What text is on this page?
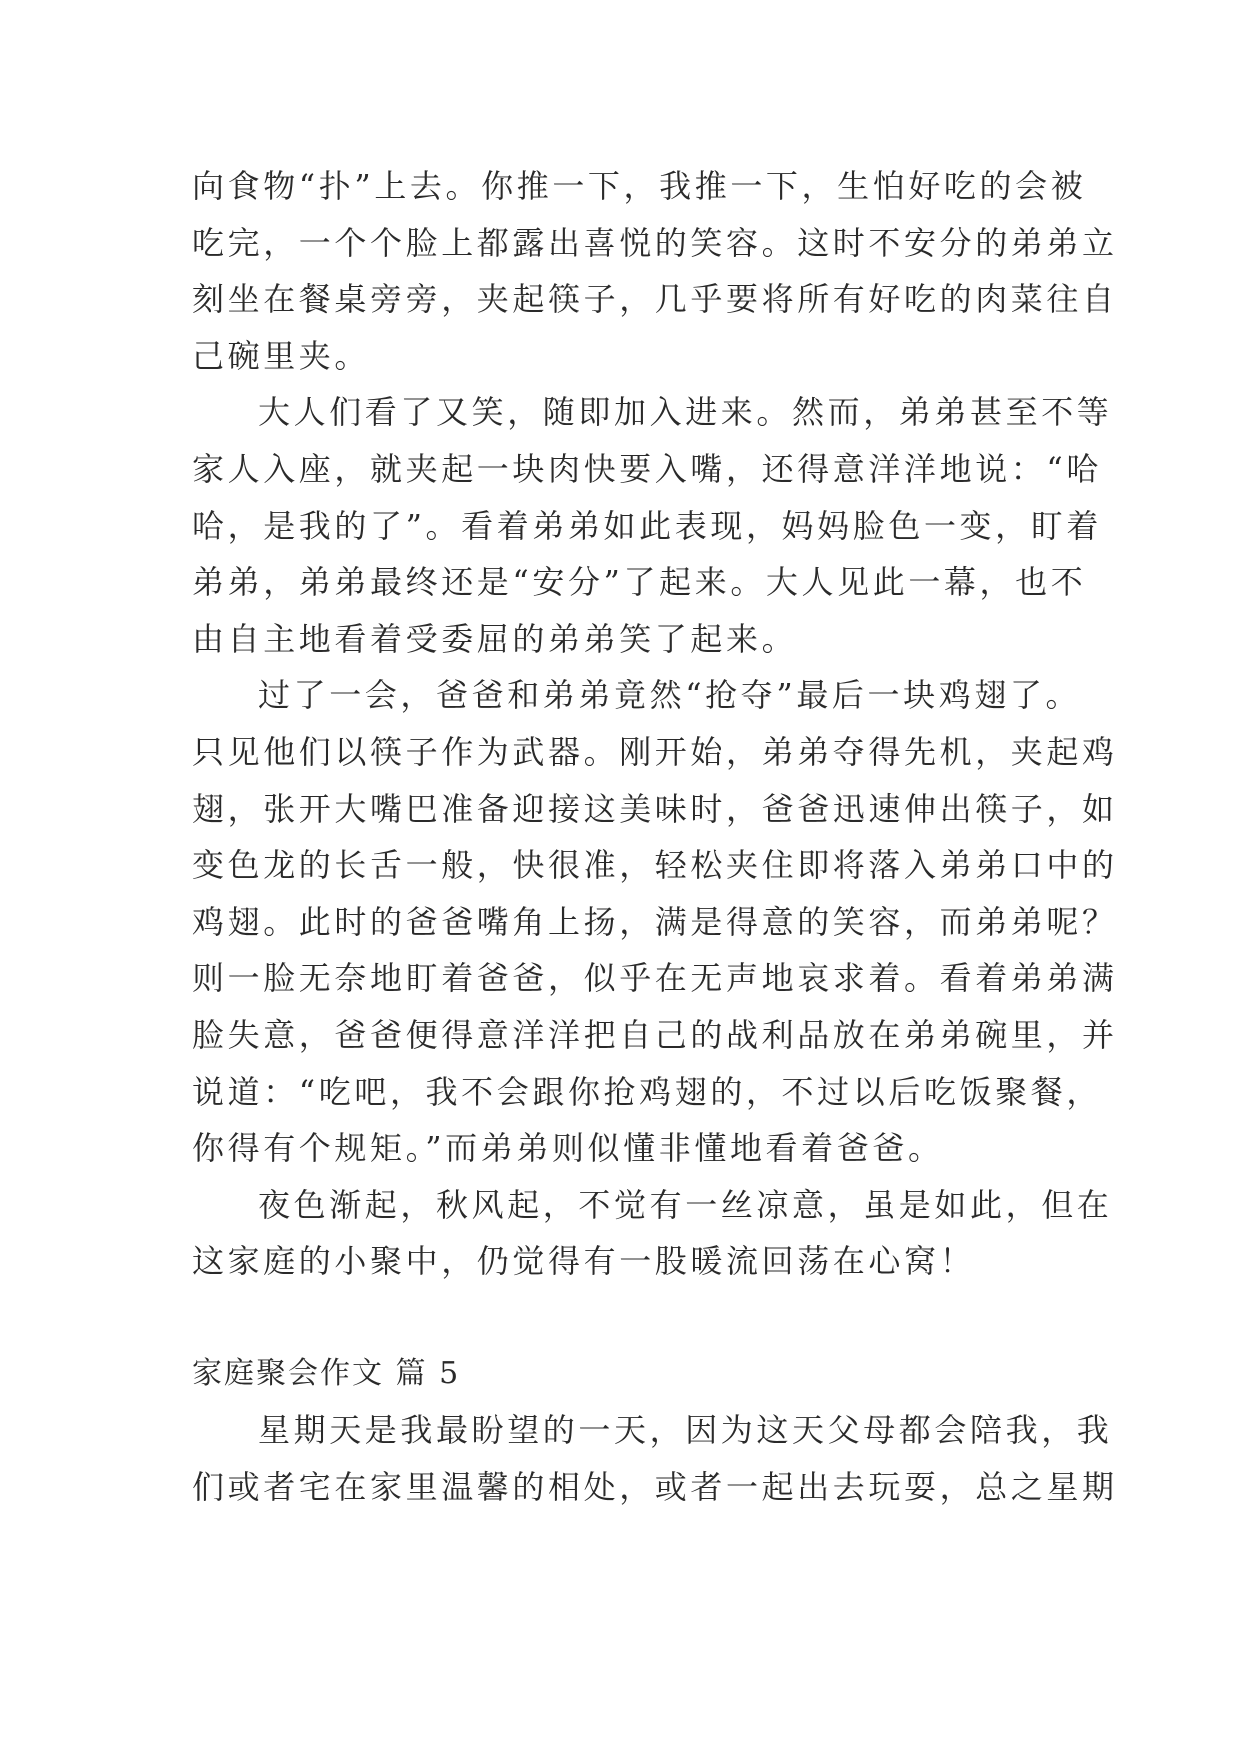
向食物“扑”上去。你推一下，我推一下，生怕好吃的会被
吃完，一个个脸上都露出喜悦的笑容。这时不安分的弟弟立
刻坐在餐桌旁旁，夹起筷子，几乎要将所有好吃的肉菜往自
己碗里夹。
大人们看了又笑，随即加入进来。然而，弟弟甚至不等
家人入座，就夹起一块肉快要入嘴，还得意洋洋地说：“哈
哈，是我的了”。看着弟弟如此表现，妈妈脸色一变，盯着
弟弟，弟弟最终还是“安分”了起来。大人见此一幕，也不
由自主地看着受委屈的弟弟笑了起来。
过了一会，爸爸和弟弟竟然“抢夺”最后一块鸡翅了。
只见他们以筷子作为武器。刚开始，弟弟夺得先机，夹起鸡
翅，张开大嘴巴准备迎接这美味时，爸爸迅速伸出筷子，如
变色龙的长舌一般，快很准，轻松夹住即将落入弟弟口中的
鸡翅。此时的爸爸嘴角上扬，满是得意的笑容，而弟弟呢？
则一脸无奈地盯着爸爸，似乎在无声地哀求着。看着弟弟满
脸失意，爸爸便得意洋洋把自己的战利品放在弟弟碗里，并
说道：“吃吧，我不会跟你抢鸡翅的，不过以后吃饭聚餐，
你得有个规矩。”而弟弟则似懂非懂地看着爸爸。
夜色渐起，秋风起，不觉有一丝凉意，虽是如此，但在
这家庭的小聚中，仍觉得有一股暖流回荡在心窝！
家庭聚会作文 篇 5
星期天是我最盼望的一天，因为这天父母都会陪我，我
们或者宅在家里温馨的相处，或者一起出去玩耍，总之星期
